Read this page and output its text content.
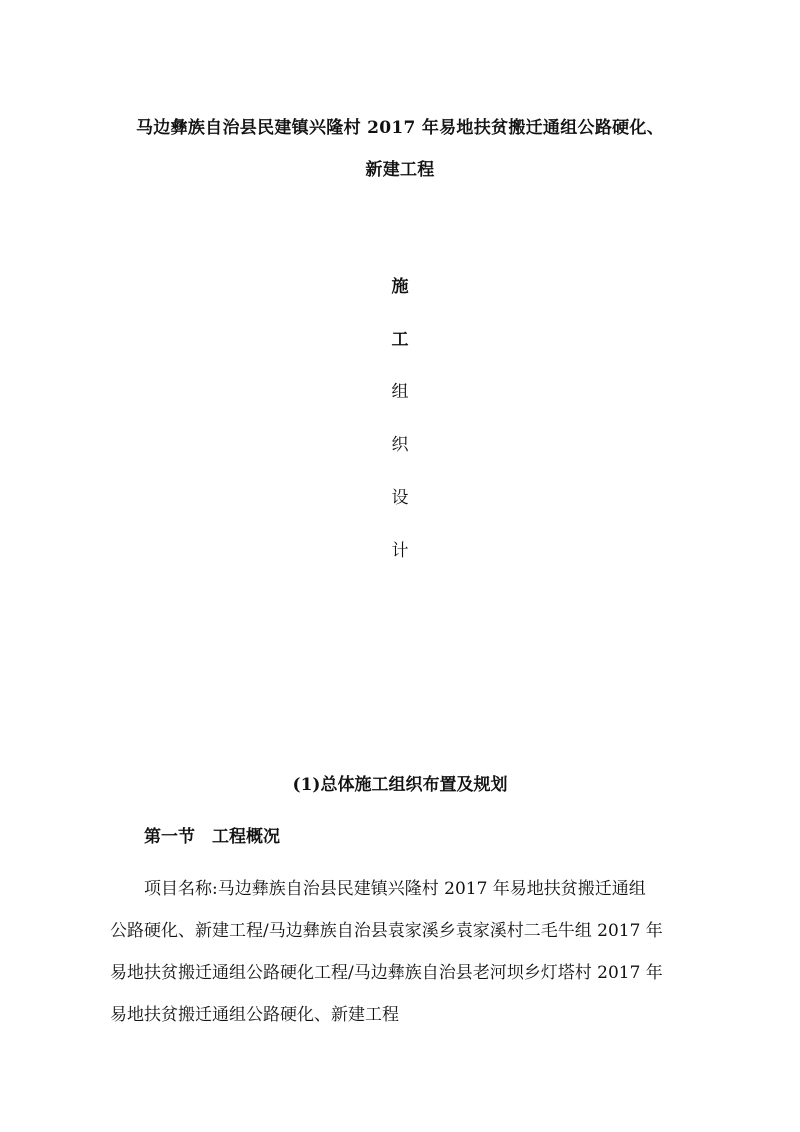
马边彝族自治县民建镇兴隆村 2017 年易地扶贫搬迁通组公路硬化、
新建工程
施
工
组
织
设
计
(1)总体施工组织布置及规划
第一节　工程概况
项目名称:马边彝族自治县民建镇兴隆村 2017 年易地扶贫搬迁通组
公路硬化、新建工程/马边彝族自治县袁家溪乡袁家溪村二毛牛组 2017 年
易地扶贫搬迁通组公路硬化工程/马边彝族自治县老河坝乡灯塔村 2017 年
易地扶贫搬迁通组公路硬化、新建工程
